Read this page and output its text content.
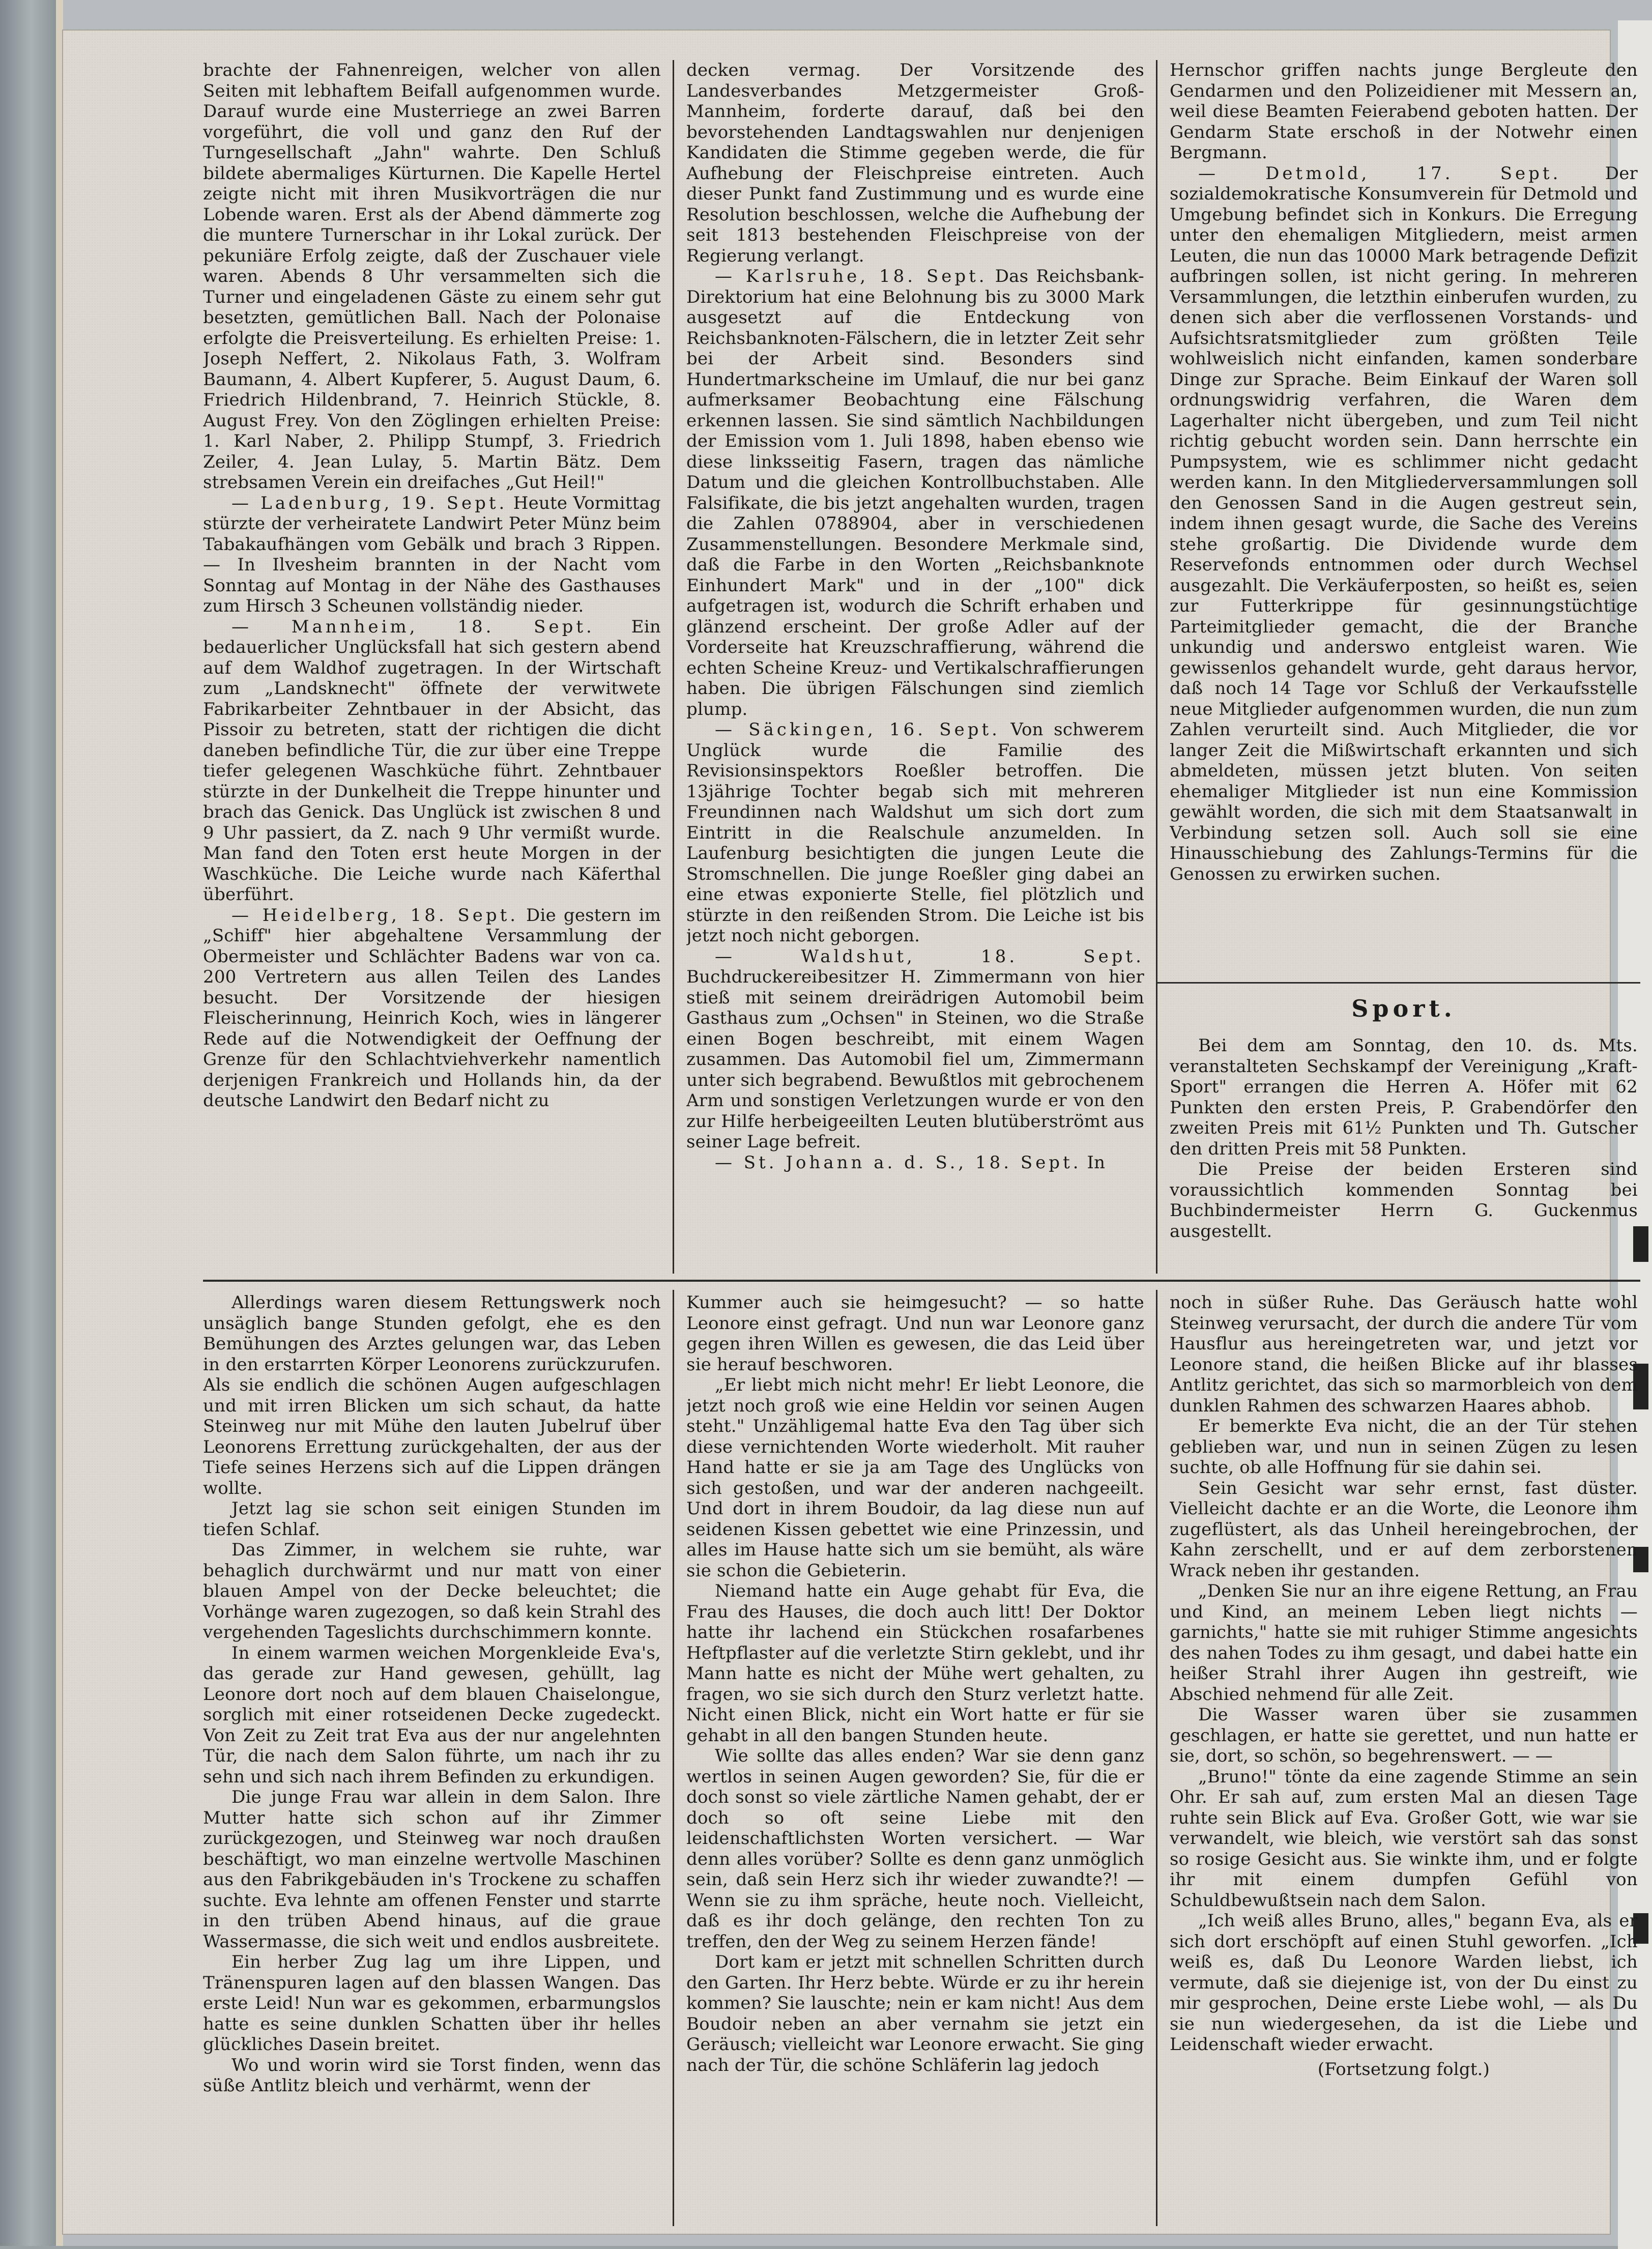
brachte der Fahnenreigen, welcher von allen Seiten mit lebhaftem Beifall aufgenommen wurde. Darauf wurde eine Musterriege an zwei Barren vorgeführt, die voll und ganz den Ruf der Turngesellschaft „Jahn" wahrte. Den Schluß bildete abermaliges Kürturnen. Die Kapelle Hertel zeigte nicht mit ihren Musikvorträgen die nur Lobende waren. Erst als der Abend dämmerte zog die muntere Turnerschar in ihr Lokal zurück. Der pekuniäre Erfolg zeigte, daß der Zuschauer viele waren. Abends 8 Uhr versammelten sich die Turner und eingeladenen Gäste zu einem sehr gut besetzten, gemütlichen Ball. Nach der Polonaise erfolgte die Preisverteilung. Es erhielten Preise: 1. Joseph Neffert, 2. Nikolaus Fath, 3. Wolfram Baumann, 4. Albert Kupferer, 5. August Daum, 6. Friedrich Hildenbrand, 7. Heinrich Stückle, 8. August Frey. Von den Zöglingen erhielten Preise: 1. Karl Naber, 2. Philipp Stumpf, 3. Friedrich Zeiler, 4. Jean Lulay, 5. Martin Bätz. Dem strebsamen Verein ein dreifaches „Gut Heil!"

— Ladenburg, 19. Sept. Heute Vormittag stürzte der verheiratete Landwirt Peter Münz beim Tabakaufhängen vom Gebälk und brach 3 Rippen. — In Ilvesheim brannten in der Nacht vom Sonntag auf Montag in der Nähe des Gasthauses zum Hirsch 3 Scheunen vollständig nieder.

— Mannheim, 18. Sept. Ein bedauerlicher Unglücksfall hat sich gestern abend auf dem Waldhof zugetragen. In der Wirtschaft zum „Landsknecht" öffnete der verwitwete Fabrikarbeiter Zehntbauer in der Absicht, das Pissoir zu betreten, statt der richtigen die dicht daneben befindliche Tür, die zur über eine Treppe tiefer gelegenen Waschküche führt. Zehntbauer stürzte in der Dunkelheit die Treppe hinunter und brach das Genick. Das Unglück ist zwischen 8 und 9 Uhr passiert, da Z. nach 9 Uhr vermißt wurde. Man fand den Toten erst heute Morgen in der Waschküche. Die Leiche wurde nach Käferthal überführt.

— Heidelberg, 18. Sept. Die gestern im „Schiff" hier abgehaltene Versammlung der Obermeister und Schlächter Badens war von ca. 200 Vertretern aus allen Teilen des Landes besucht. Der Vorsitzende der hiesigen Fleischerinnung, Heinrich Koch, wies in längerer Rede auf die Notwendigkeit der Oeffnung der Grenze für den Schlachtviehverkehr namentlich derjenigen Frankreich und Hollands hin, da der deutsche Landwirt den Bedarf nicht zu

decken vermag. Der Vorsitzende des Landesverbandes Metzgermeister Groß-Mannheim, forderte darauf, daß bei den bevorstehenden Landtagswahlen nur denjenigen Kandidaten die Stimme gegeben werde, die für Aufhebung der Fleischpreise eintreten. Auch dieser Punkt fand Zustimmung und es wurde eine Resolution beschlossen, welche die Aufhebung der seit 1813 bestehenden Fleischpreise von der Regierung verlangt.

— Karlsruhe, 18. Sept. Das Reichsbank-Direktorium hat eine Belohnung bis zu 3000 Mark ausgesetzt auf die Entdeckung von Reichsbanknoten-Fälschern, die in letzter Zeit sehr bei der Arbeit sind. Besonders sind Hundertmarkscheine im Umlauf, die nur bei ganz aufmerksamer Beobachtung eine Fälschung erkennen lassen. Sie sind sämtlich Nachbildungen der Emission vom 1. Juli 1898, haben ebenso wie diese linksseitig Fasern, tragen das nämliche Datum und die gleichen Kontrollbuchstaben. Alle Falsifikate, die bis jetzt angehalten wurden, tragen die Zahlen 0788904, aber in verschiedenen Zusammenstellungen. Besondere Merkmale sind, daß die Farbe in den Worten „Reichsbanknote Einhundert Mark" und in der „100" dick aufgetragen ist, wodurch die Schrift erhaben und glänzend erscheint. Der große Adler auf der Vorderseite hat Kreuzschraffierung, während die echten Scheine Kreuz- und Vertikalschraffierungen haben. Die übrigen Fälschungen sind ziemlich plump.

— Säckingen, 16. Sept. Von schwerem Unglück wurde die Familie des Revisionsinspektors Roeßler betroffen. Die 13jährige Tochter begab sich mit mehreren Freundinnen nach Waldshut um sich dort zum Eintritt in die Realschule anzumelden. In Laufenburg besichtigten die jungen Leute die Stromschnellen. Die junge Roeßler ging dabei an eine etwas exponierte Stelle, fiel plötzlich und stürzte in den reißenden Strom. Die Leiche ist bis jetzt noch nicht geborgen.

— Waldshut, 18. Sept. Buchdruckereibesitzer H. Zimmermann von hier stieß mit seinem dreirädrigen Automobil beim Gasthaus zum „Ochsen" in Steinen, wo die Straße einen Bogen beschreibt, mit einem Wagen zusammen. Das Automobil fiel um, Zimmermann unter sich begrabend. Bewußtlos mit gebrochenem Arm und sonstigen Verletzungen wurde er von den zur Hilfe herbeigeeilten Leuten blutüberströmt aus seiner Lage befreit.

— St. Johann a. d. S., 18. Sept. In

Hernschor griffen nachts junge Bergleute den Gendarmen und den Polizeidiener mit Messern an, weil diese Beamten Feierabend geboten hatten. Der Gendarm State erschoß in der Notwehr einen Bergmann.

— Detmold, 17. Sept. Der sozialdemokratische Konsumverein für Detmold und Umgebung befindet sich in Konkurs. Die Erregung unter den ehemaligen Mitgliedern, meist armen Leuten, die nun das 10000 Mark betragende Defizit aufbringen sollen, ist nicht gering. In mehreren Versammlungen, die letzthin einberufen wurden, zu denen sich aber die verflossenen Vorstands- und Aufsichtsratsmitglieder zum größten Teile wohlweislich nicht einfanden, kamen sonderbare Dinge zur Sprache. Beim Einkauf der Waren soll ordnungswidrig verfahren, die Waren dem Lagerhalter nicht übergeben, und zum Teil nicht richtig gebucht worden sein. Dann herrschte ein Pumpsystem, wie es schlimmer nicht gedacht werden kann. In den Mitgliederversammlungen soll den Genossen Sand in die Augen gestreut sein, indem ihnen gesagt wurde, die Sache des Vereins stehe großartig. Die Dividende wurde dem Reservefonds entnommen oder durch Wechsel ausgezahlt. Die Verkäuferposten, so heißt es, seien zur Futterkrippe für gesinnungstüchtige Parteimitglieder gemacht, die der Branche unkundig und anderswo entgleist waren. Wie gewissenlos gehandelt wurde, geht daraus hervor, daß noch 14 Tage vor Schluß der Verkaufsstelle neue Mitglieder aufgenommen wurden, die nun zum Zahlen verurteilt sind. Auch Mitglieder, die vor langer Zeit die Mißwirtschaft erkannten und sich abmeldeten, müssen jetzt bluten. Von seiten ehemaliger Mitglieder ist nun eine Kommission gewählt worden, die sich mit dem Staatsanwalt in Verbindung setzen soll. Auch soll sie eine Hinausschiebung des Zahlungs-Termins für die Genossen zu erwirken suchen.

Sport.

Bei dem am Sonntag, den 10. ds. Mts. veranstalteten Sechskampf der Vereinigung „Kraft-Sport" errangen die Herren A. Höfer mit 62 Punkten den ersten Preis, P. Grabendörfer den zweiten Preis mit 61½ Punkten und Th. Gutscher den dritten Preis mit 58 Punkten.

Die Preise der beiden Ersteren sind voraussichtlich kommenden Sonntag bei Buchbindermeister Herrn G. Guckenmus ausgestellt.

Allerdings waren diesem Rettungswerk noch unsäglich bange Stunden gefolgt, ehe es den Bemühungen des Arztes gelungen war, das Leben in den erstarrten Körper Leonorens zurückzurufen. Als sie endlich die schönen Augen aufgeschlagen und mit irren Blicken um sich schaut, da hatte Steinweg nur mit Mühe den lauten Jubelruf über Leonorens Errettung zurückgehalten, der aus der Tiefe seines Herzens sich auf die Lippen drängen wollte.

Jetzt lag sie schon seit einigen Stunden im tiefen Schlaf.

Das Zimmer, in welchem sie ruhte, war behaglich durchwärmt und nur matt von einer blauen Ampel von der Decke beleuchtet; die Vorhänge waren zugezogen, so daß kein Strahl des vergehenden Tageslichts durchschimmern konnte.

In einem warmen weichen Morgenkleide Eva's, das gerade zur Hand gewesen, gehüllt, lag Leonore dort noch auf dem blauen Chaiselongue, sorglich mit einer rotseidenen Decke zugedeckt. Von Zeit zu Zeit trat Eva aus der nur angelehnten Tür, die nach dem Salon führte, um nach ihr zu sehn und sich nach ihrem Befinden zu erkundigen.

Die junge Frau war allein in dem Salon. Ihre Mutter hatte sich schon auf ihr Zimmer zurückgezogen, und Steinweg war noch draußen beschäftigt, wo man einzelne wertvolle Maschinen aus den Fabrikgebäuden in's Trockene zu schaffen suchte. Eva lehnte am offenen Fenster und starrte in den trüben Abend hinaus, auf die graue Wassermasse, die sich weit und endlos ausbreitete.

Ein herber Zug lag um ihre Lippen, und Tränenspuren lagen auf den blassen Wangen. Das erste Leid! Nun war es gekommen, erbarmungslos hatte es seine dunklen Schatten über ihr helles glückliches Dasein breitet.

Wo und worin wird sie Torst finden, wenn das süße Antlitz bleich und verhärmt, wenn der

Kummer auch sie heimgesucht? — so hatte Leonore einst gefragt. Und nun war Leonore ganz gegen ihren Willen es gewesen, die das Leid über sie herauf beschworen.

„Er liebt mich nicht mehr! Er liebt Leonore, die jetzt noch groß wie eine Heldin vor seinen Augen steht." Unzähligemal hatte Eva den Tag über sich diese vernichtenden Worte wiederholt. Mit rauher Hand hatte er sie ja am Tage des Unglücks von sich gestoßen, und war der anderen nachgeeilt. Und dort in ihrem Boudoir, da lag diese nun auf seidenen Kissen gebettet wie eine Prinzessin, und alles im Hause hatte sich um sie bemüht, als wäre sie schon die Gebieterin.

Niemand hatte ein Auge gehabt für Eva, die Frau des Hauses, die doch auch litt! Der Doktor hatte ihr lachend ein Stückchen rosafarbenes Heftpflaster auf die verletzte Stirn geklebt, und ihr Mann hatte es nicht der Mühe wert gehalten, zu fragen, wo sie sich durch den Sturz verletzt hatte. Nicht einen Blick, nicht ein Wort hatte er für sie gehabt in all den bangen Stunden heute.

Wie sollte das alles enden? War sie denn ganz wertlos in seinen Augen geworden? Sie, für die er doch sonst so viele zärtliche Namen gehabt, der er doch so oft seine Liebe mit den leidenschaftlichsten Worten versichert. — War denn alles vorüber? Sollte es denn ganz unmöglich sein, daß sein Herz sich ihr wieder zuwandte?! — Wenn sie zu ihm spräche, heute noch. Vielleicht, daß es ihr doch gelänge, den rechten Ton zu treffen, den der Weg zu seinem Herzen fände!

Dort kam er jetzt mit schnellen Schritten durch den Garten. Ihr Herz bebte. Würde er zu ihr herein kommen? Sie lauschte; nein er kam nicht! Aus dem Boudoir neben an aber vernahm sie jetzt ein Geräusch; vielleicht war Leonore erwacht. Sie ging nach der Tür, die schöne Schläferin lag jedoch

noch in süßer Ruhe. Das Geräusch hatte wohl Steinweg verursacht, der durch die andere Tür vom Hausflur aus hereingetreten war, und jetzt vor Leonore stand, die heißen Blicke auf ihr blasses Antlitz gerichtet, das sich so marmorbleich von dem dunklen Rahmen des schwarzen Haares abhob.

Er bemerkte Eva nicht, die an der Tür stehen geblieben war, und nun in seinen Zügen zu lesen suchte, ob alle Hoffnung für sie dahin sei.

Sein Gesicht war sehr ernst, fast düster. Vielleicht dachte er an die Worte, die Leonore ihm zugeflüstert, als das Unheil hereingebrochen, der Kahn zerschellt, und er auf dem zerborstenen Wrack neben ihr gestanden.

„Denken Sie nur an ihre eigene Rettung, an Frau und Kind, an meinem Leben liegt nichts — garnichts," hatte sie mit ruhiger Stimme angesichts des nahen Todes zu ihm gesagt, und dabei hatte ein heißer Strahl ihrer Augen ihn gestreift, wie Abschied nehmend für alle Zeit.

Die Wasser waren über sie zusammen geschlagen, er hatte sie gerettet, und nun hatte er sie, dort, so schön, so begehrenswert. — —

„Bruno!" tönte da eine zagende Stimme an sein Ohr. Er sah auf, zum ersten Mal an diesen Tage ruhte sein Blick auf Eva. Großer Gott, wie war sie verwandelt, wie bleich, wie verstört sah das sonst so rosige Gesicht aus. Sie winkte ihm, und er folgte ihr mit einem dumpfen Gefühl von Schuldbewußtsein nach dem Salon.

„Ich weiß alles Bruno, alles," begann Eva, als er sich dort erschöpft auf einen Stuhl geworfen. „Ich weiß es, daß Du Leonore Warden liebst, ich vermute, daß sie diejenige ist, von der Du einst zu mir gesprochen, Deine erste Liebe wohl, — als Du sie nun wiedergesehen, da ist die Liebe und Leidenschaft wieder erwacht.

(Fortsetzung folgt.)
